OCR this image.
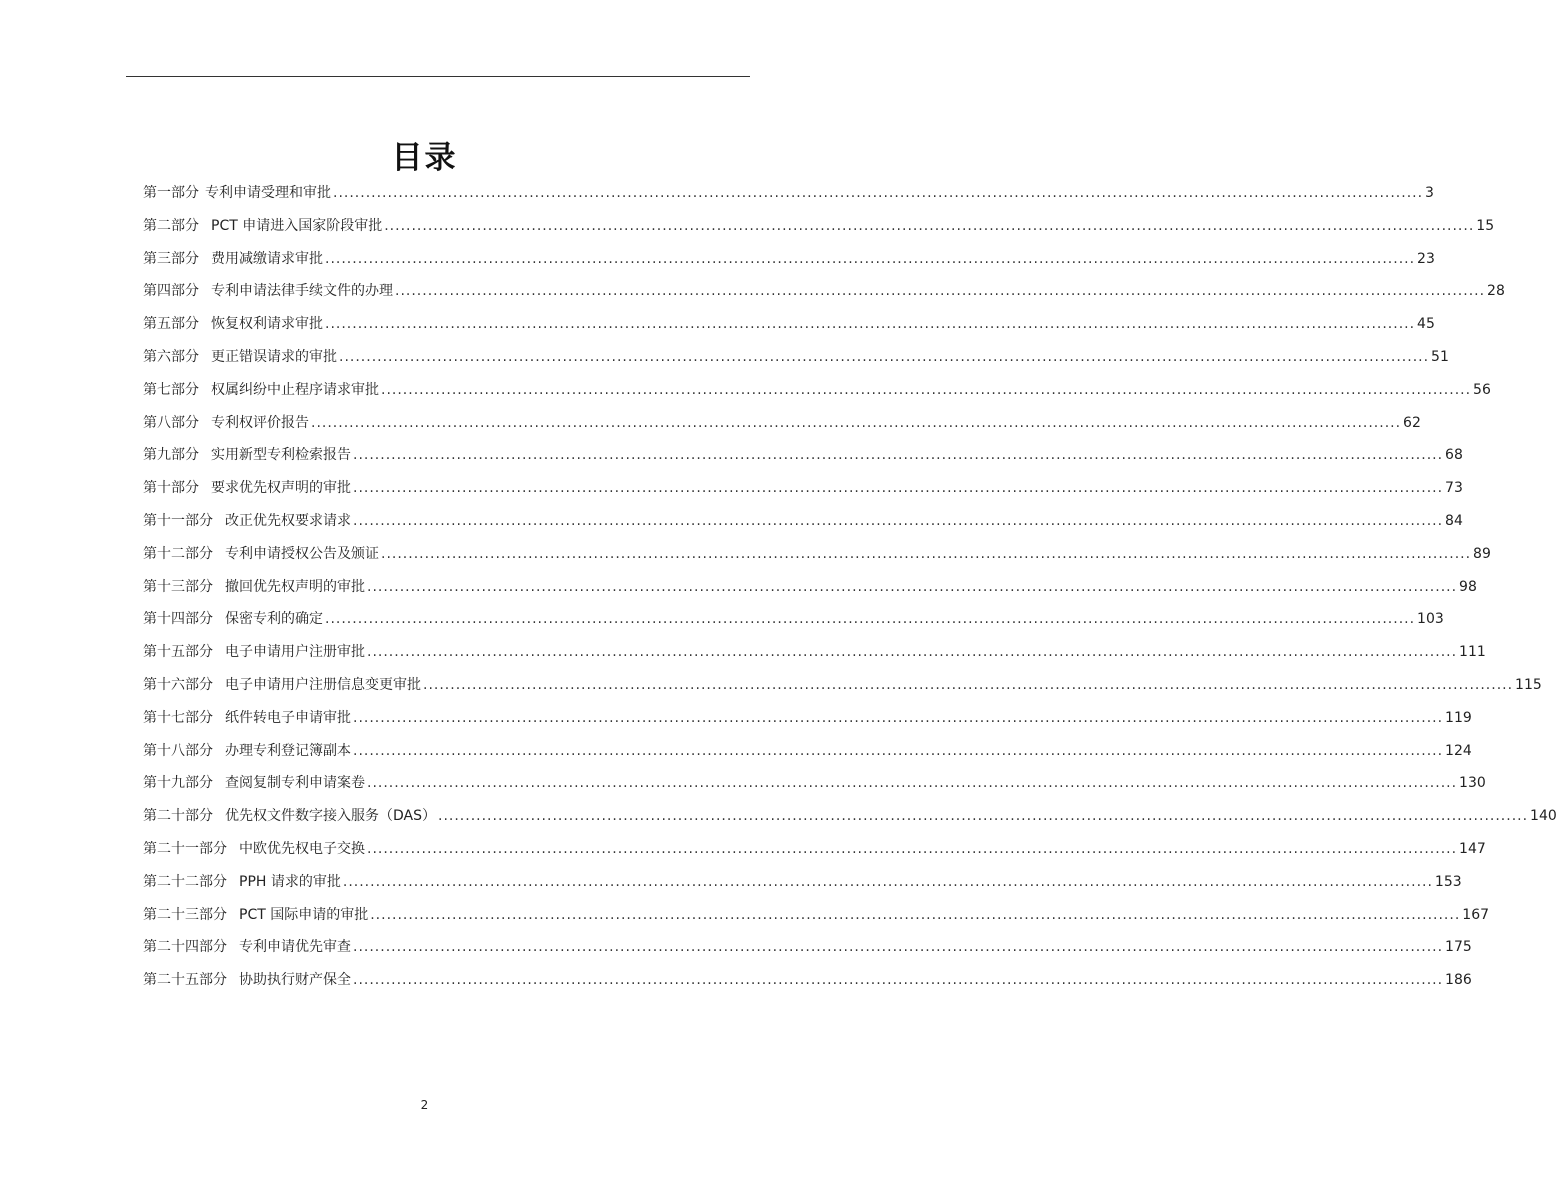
目录
第一部分 专利申请受理和审批 ........................................................................................................................................................................................................ 3
第二部分 PCT 申请进入国家阶段审批 ........................................................................................................................................................................................................ 15
第三部分 费用减缴请求审批 ........................................................................................................................................................................................................ 23
第四部分 专利申请法律手续文件的办理 ........................................................................................................................................................................................................ 28
第五部分 恢复权利请求审批 ........................................................................................................................................................................................................ 45
第六部分 更正错误请求的审批 ........................................................................................................................................................................................................ 51
第七部分 权属纠纷中止程序请求审批 ........................................................................................................................................................................................................ 56
第八部分 专利权评价报告 ........................................................................................................................................................................................................ 62
第九部分 实用新型专利检索报告 ........................................................................................................................................................................................................ 68
第十部分 要求优先权声明的审批 ........................................................................................................................................................................................................ 73
第十一部分 改正优先权要求请求 ........................................................................................................................................................................................................ 84
第十二部分 专利申请授权公告及颁证 ........................................................................................................................................................................................................ 89
第十三部分 撤回优先权声明的审批 ........................................................................................................................................................................................................ 98
第十四部分 保密专利的确定 ........................................................................................................................................................................................................ 103
第十五部分 电子申请用户注册审批 ........................................................................................................................................................................................................ 111
第十六部分 电子申请用户注册信息变更审批 ........................................................................................................................................................................................................ 115
第十七部分 纸件转电子申请审批 ........................................................................................................................................................................................................ 119
第十八部分 办理专利登记簿副本 ........................................................................................................................................................................................................ 124
第十九部分 查阅复制专利申请案卷 ........................................................................................................................................................................................................ 130
第二十部分 优先权文件数字接入服务（DAS） ........................................................................................................................................................................................................ 140
第二十一部分 中欧优先权电子交换 ........................................................................................................................................................................................................ 147
第二十二部分 PPH 请求的审批 ........................................................................................................................................................................................................ 153
第二十三部分 PCT 国际申请的审批 ........................................................................................................................................................................................................ 167
第二十四部分 专利申请优先审查 ........................................................................................................................................................................................................ 175
第二十五部分 协助执行财产保全 ........................................................................................................................................................................................................ 186
2
